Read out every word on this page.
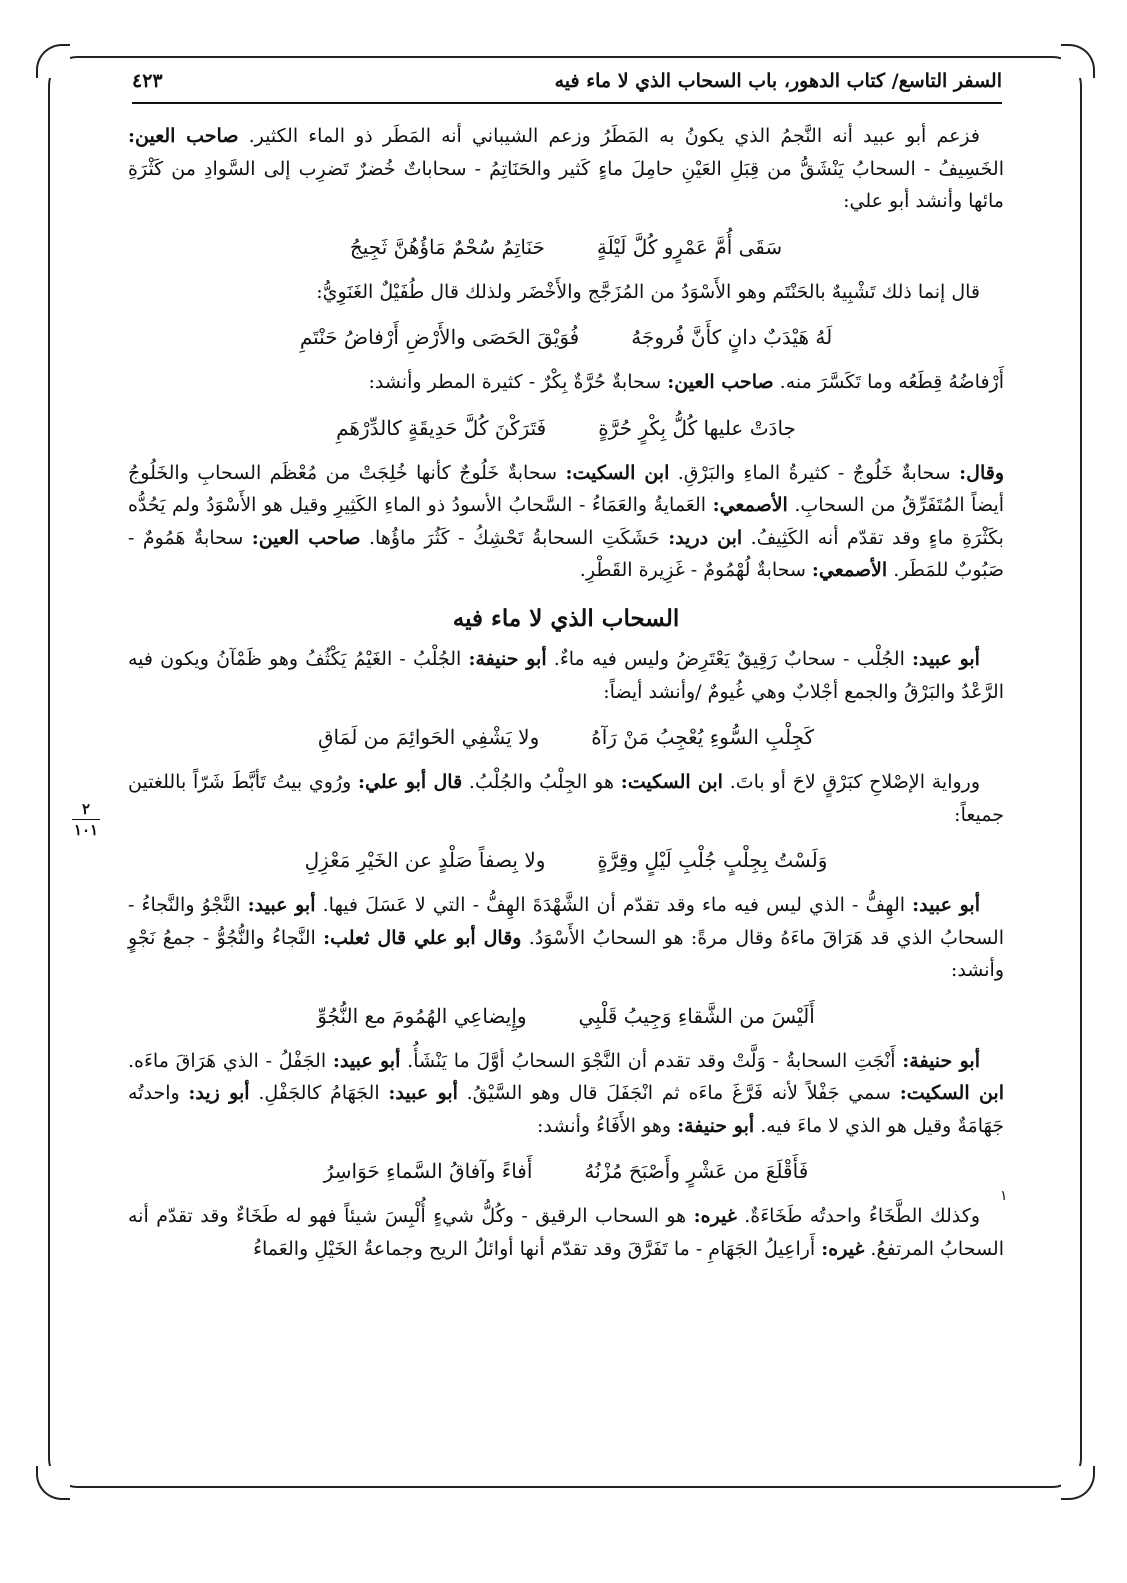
السفر التاسع/ كتاب الدهور، باب السحاب الذي لا ماء فيه
٤٢٣
٢
١٠١
١

فزعم أبو عبيد أنه النَّجمُ الذي يكونُ به المَطَرُ وزعم الشيباني أنه المَطَر ذو الماء الكثير. صاحب العين: الخَسِيفُ - السحابُ يَنْشَقُّ من قِبَلِ العَيْنِ حامِلَ ماءٍ كَثير والحَنَاتِمُ - سحاباتٌ خُضرٌ تَضرِب إلى السَّوادِ من كَثْرَةِ مائها وأنشد أبو علي:

سَقَى أُمَّ عَمْرٍو كُلَّ لَيْلَةٍ
حَنَاتِمُ سُحْمٌ مَاؤُهُنَّ ثَجِيجُ

قال إنما ذلك تَشْبِيهٌ بالحَنْتَم وهو الأَسْوَدُ من المُزَجَّج والأَخْضَر ولذلك قال طُفَيْلٌ الغَنَوِيُّ:

لَهُ هَيْدَبٌ دانٍ كأَنَّ فُروجَهُ
فُوَيْقَ الحَصَى والأَرْضِ أَرْفاضُ حَنْتَمِ

أَرْفاضُهُ قِطَعُه وما تَكَسَّرَ منه. صاحب العين: سحابةٌ حُرَّةٌ بِكْرٌ - كثيرة المطر وأنشد:

جادَتْ عليها كُلُّ بِكْرٍ حُرَّةٍ
فَتَرَكْنَ كُلَّ حَدِيقَةٍ كالدِّرْهَمِ

وقال: سحابةٌ خَلُوجٌ - كثيرةُ الماءِ والبَرْقِ. ابن السكيت: سحابةٌ خَلُوجٌ كأنها خُلِجَتْ من مُعْظَم السحابِ والخَلُوجُ أيضاً المُتَفَرِّقُ من السحابِ. الأصمعي: العَمايةُ والعَمَاءُ - السَّحابُ الأسودُ ذو الماءِ الكَثِيرِ وقيل هو الأَسْوَدُ ولم يَحُدُّه بكَثْرَةِ ماءٍ وقد تقدّم أنه الكَثِيفُ. ابن دريد: حَشَكَتِ السحابةُ تَحْشِكُ - كَثُرَ ماؤُها. صاحب العين: سحابةٌ هَمُومٌ - صَبُوبٌ للمَطَر. الأصمعي: سحابةٌ لُهْمُومٌ - غَزِيرة القَطْرِ.

السحاب الذي لا ماء فيه

أبو عبيد: الجُلْب - سحابٌ رَقِيقٌ يَعْتَرِضُ وليس فيه ماءٌ. أبو حنيفة: الجُلْبُ - الغَيْمُ يَكْثُفُ وهو ظَمْآنُ ويكون فيه الرَّعْدُ والبَرْقُ والجمع أجْلابٌ وهي غُيومٌ /وأنشد أيضاً:

كَجِلْبِ السُّوءِ يُعْجِبُ مَنْ رَآهُ
ولا يَشْفِي الحَوائِمَ من لَمَاقِ

ورواية الإصْلاحِ كبَرْقٍ لاحَ أو باتَ. ابن السكيت: هو الجِلْبُ والجُلْبُ. قال أبو علي: ورُوي بيتُ تَأبَّطَ شَرّاً باللغتين جميعاً:

وَلَسْتُ بِجِلْبٍ جُلْبِ لَيْلٍ وقِرَّةٍ
ولا بِصفاً صَلْدٍ عن الخَيْرِ مَعْزِلِ

أبو عبيد: الهِفُّ - الذي ليس فيه ماء وقد تقدّم أن الشَّهْدَةَ الهِفُّ - التي لا عَسَلَ فيها. أبو عبيد: النَّجْوُ والنَّجاءُ - السحابُ الذي قد هَرَاقَ ماءَهُ وقال مرةً: هو السحابُ الأَسْوَدُ. وقال أبو علي قال ثعلب: النَّجاءُ والنُّجُوُّ - جمعُ نَجْوٍ وأنشد:

أَلَيْسَ من الشَّقاءِ وَجِيبُ قَلْبِي
وإِيضاعِي الهُمُومَ مع النُّجُوِّ

أبو حنيفة: أَنْجَتِ السحابةُ - وَلَّتْ وقد تقدم أن النَّجْوَ السحابُ أوَّلَ ما يَنْشَأُ. أبو عبيد: الجَفْلُ - الذي هَرَاقَ ماءَه. ابن السكيت: سمي جَفْلاً لأنه فَرَّغَ ماءَه ثم انْجَفَلَ قال وهو السَّيْقُ. أبو عبيد: الجَهَامُ كالجَفْلِ. أبو زيد: واحدتُه جَهَامَةٌ وقيل هو الذي لا ماءَ فيه. أبو حنيفة: وهو الأَفَاءُ وأنشد:

فَأَقْلَعَ من عَشْرٍ وأَصْبَحَ مُزْنُهُ
أَفاءً وآفاقُ السَّماءِ حَوَاسِرُ

وكذلك الطَّخَاءُ واحدتُه طَخَاءَةٌ. غيره: هو السحاب الرقيق - وكُلُّ شيءٍ أُلْبِسَ شيئاً فهو له طَخَاءٌ وقد تقدّم أنه السحابُ المرتفعُ. غيره: أَراعِيلُ الجَهَامِ - ما تَفَرَّقَ وقد تقدّم أنها أوائلُ الريح وجماعةُ الخَيْلِ والعَماءُ
